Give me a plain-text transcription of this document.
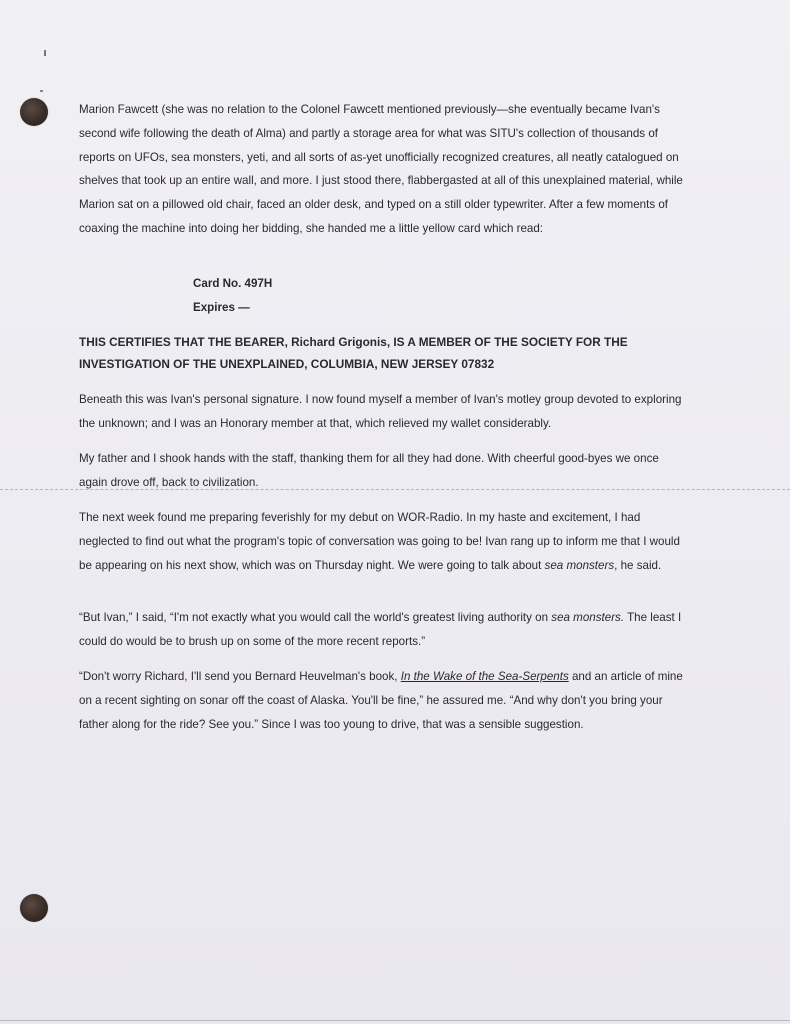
Marion Fawcett (she was no relation to the Colonel Fawcett mentioned previously—she eventually became Ivan's second wife following the death of Alma) and partly a storage area for what was SITU's collection of thousands of reports on UFOs, sea monsters, yeti, and all sorts of as-yet unofficially recognized creatures, all neatly catalogued on shelves that took up an entire wall, and more. I just stood there, flabbergasted at all of this unexplained material, while Marion sat on a pillowed old chair, faced an older desk, and typed on a still older typewriter. After a few moments of coaxing the machine into doing her bidding, she handed me a little yellow card which read:

Card No. 497H

Expires —

THIS CERTIFIES THAT THE BEARER, Richard Grigonis, IS A MEMBER OF THE SOCIETY FOR THE INVESTIGATION OF THE UNEXPLAINED, COLUMBIA, NEW JERSEY 07832

Beneath this was Ivan's personal signature. I now found myself a member of Ivan's motley group devoted to exploring the unknown; and I was an Honorary member at that, which relieved my wallet considerably.

My father and I shook hands with the staff, thanking them for all they had done. With cheerful good-byes we once again drove off, back to civilization.

The next week found me preparing feverishly for my debut on WOR-Radio. In my haste and excitement, I had neglected to find out what the program's topic of conversation was going to be! Ivan rang up to inform me that I would be appearing on his next show, which was on Thursday night. We were going to talk about sea monsters, he said.

“But Ivan,” I said, “I'm not exactly what you would call the world's greatest living authority on sea monsters. The least I could do would be to brush up on some of the more recent reports.”

“Don't worry Richard, I'll send you Bernard Heuvelman's book, In the Wake of the Sea-Serpents and an article of mine on a recent sighting on sonar off the coast of Alaska. You'll be fine,” he assured me. “And why don't you bring your father along for the ride? See you.” Since I was too young to drive, that was a sensible suggestion.
